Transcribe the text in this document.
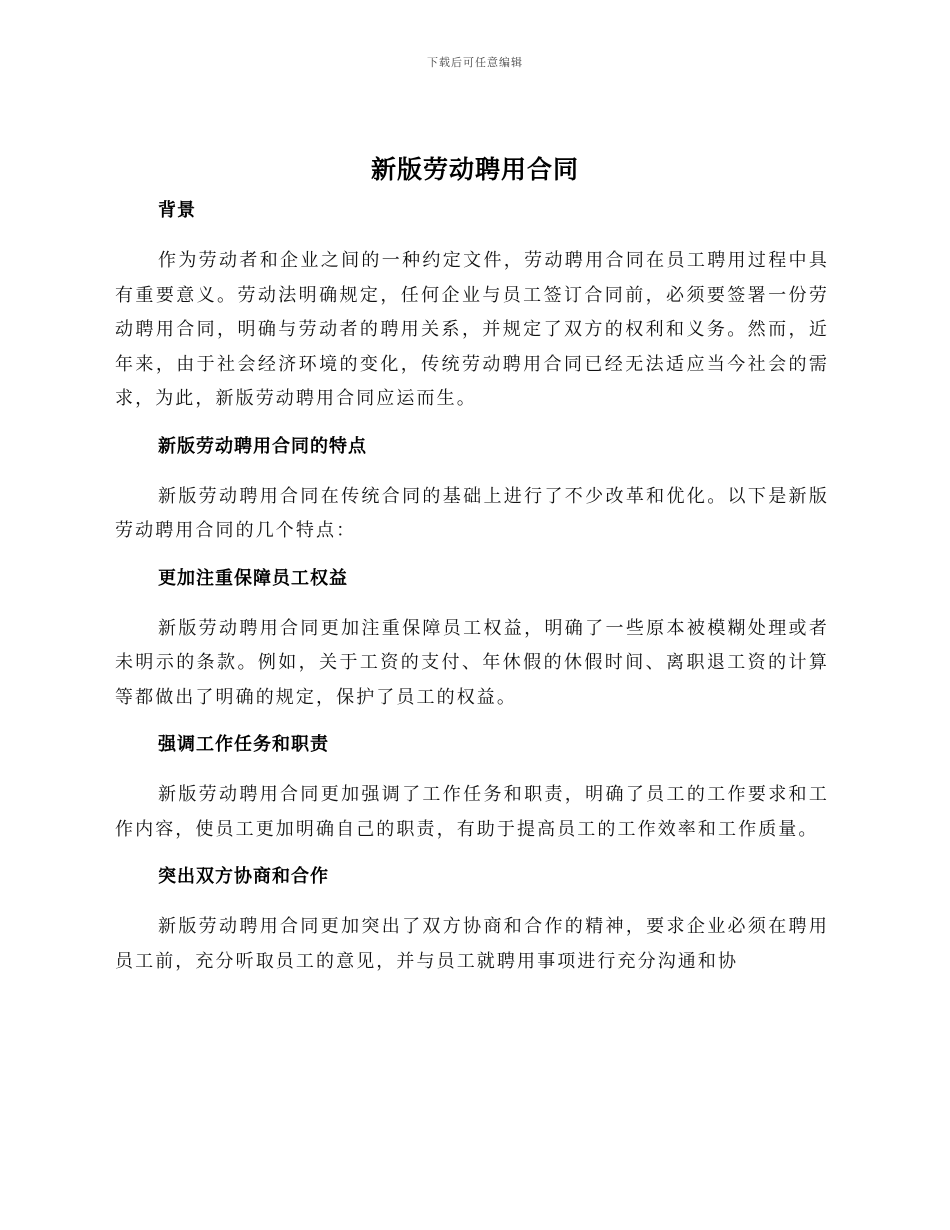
下载后可任意编辑
新版劳动聘用合同
背景

作为劳动者和企业之间的一种约定文件，劳动聘用合同在员工聘用过程中具有重要意义。劳动法明确规定，任何企业与员工签订合同前，必须要签署一份劳动聘用合同，明确与劳动者的聘用关系，并规定了双方的权利和义务。然而，近年来，由于社会经济环境的变化，传统劳动聘用合同已经无法适应当今社会的需求，为此，新版劳动聘用合同应运而生。

新版劳动聘用合同的特点

新版劳动聘用合同在传统合同的基础上进行了不少改革和优化。以下是新版劳动聘用合同的几个特点：

更加注重保障员工权益

新版劳动聘用合同更加注重保障员工权益，明确了一些原本被模糊处理或者未明示的条款。例如，关于工资的支付、年休假的休假时间、离职退工资的计算等都做出了明确的规定，保护了员工的权益。

强调工作任务和职责

新版劳动聘用合同更加强调了工作任务和职责，明确了员工的工作要求和工作内容，使员工更加明确自己的职责，有助于提高员工的工作效率和工作质量。

突出双方协商和合作

新版劳动聘用合同更加突出了双方协商和合作的精神，要求企业必须在聘用员工前，充分听取员工的意见，并与员工就聘用事项进行充分沟通和协
